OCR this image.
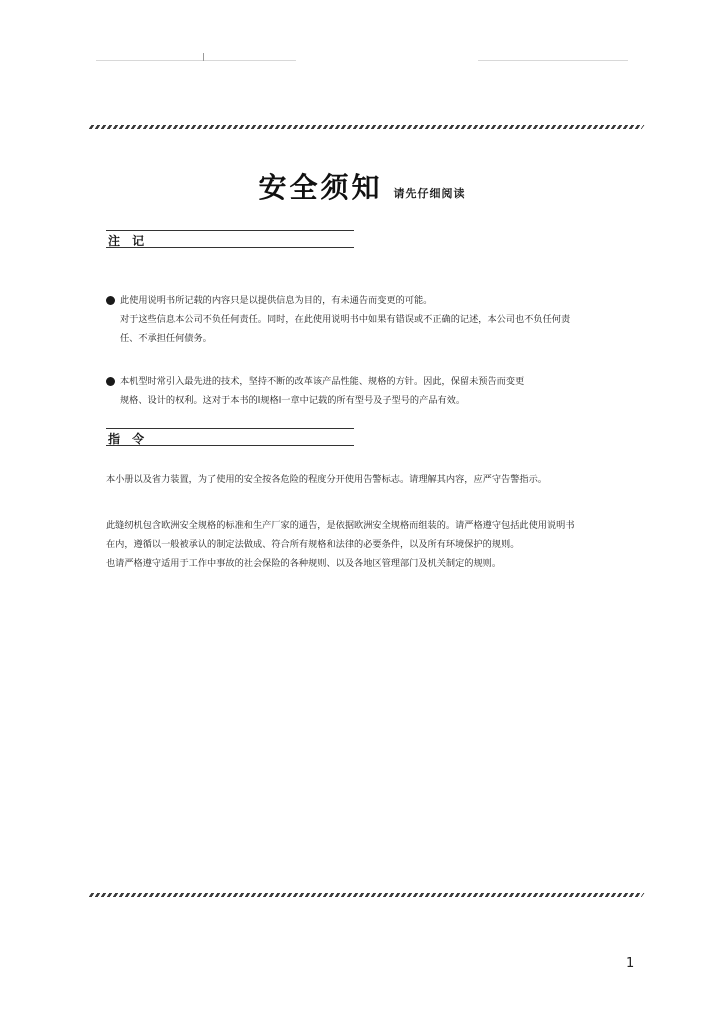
安全须知 请先仔细阅读
注 记
此使用说明书所记载的内容只是以提供信息为目的，有未通告而变更的可能。
对于这些信息本公司不负任何责任。同时，在此使用说明书中如果有错误或不正确的记述，本公司也不负任何责
任、不承担任何债务。
本机型时常引入最先进的技术，坚持不断的改革该产品性能、规格的方针。因此，保留未预告而变更
规格、设计的权利。这对于本书的l规格l一章中记载的所有型号及子型号的产品有效。
指 令
本小册以及省力装置，为了使用的安全按各危险的程度分开使用告警标志。请理解其内容，应严守告警指示。
此缝纫机包含欧洲安全规格的标准和生产厂家的通告，是依据欧洲安全规格而组装的。请严格遵守包括此使用说明书
在内，遵循以一般被承认的制定法做成、符合所有规格和法律的必要条件，以及所有环境保护的规则。
也请严格遵守适用于工作中事故的社会保险的各种规则、以及各地区管理部门及机关制定的规则。
1
